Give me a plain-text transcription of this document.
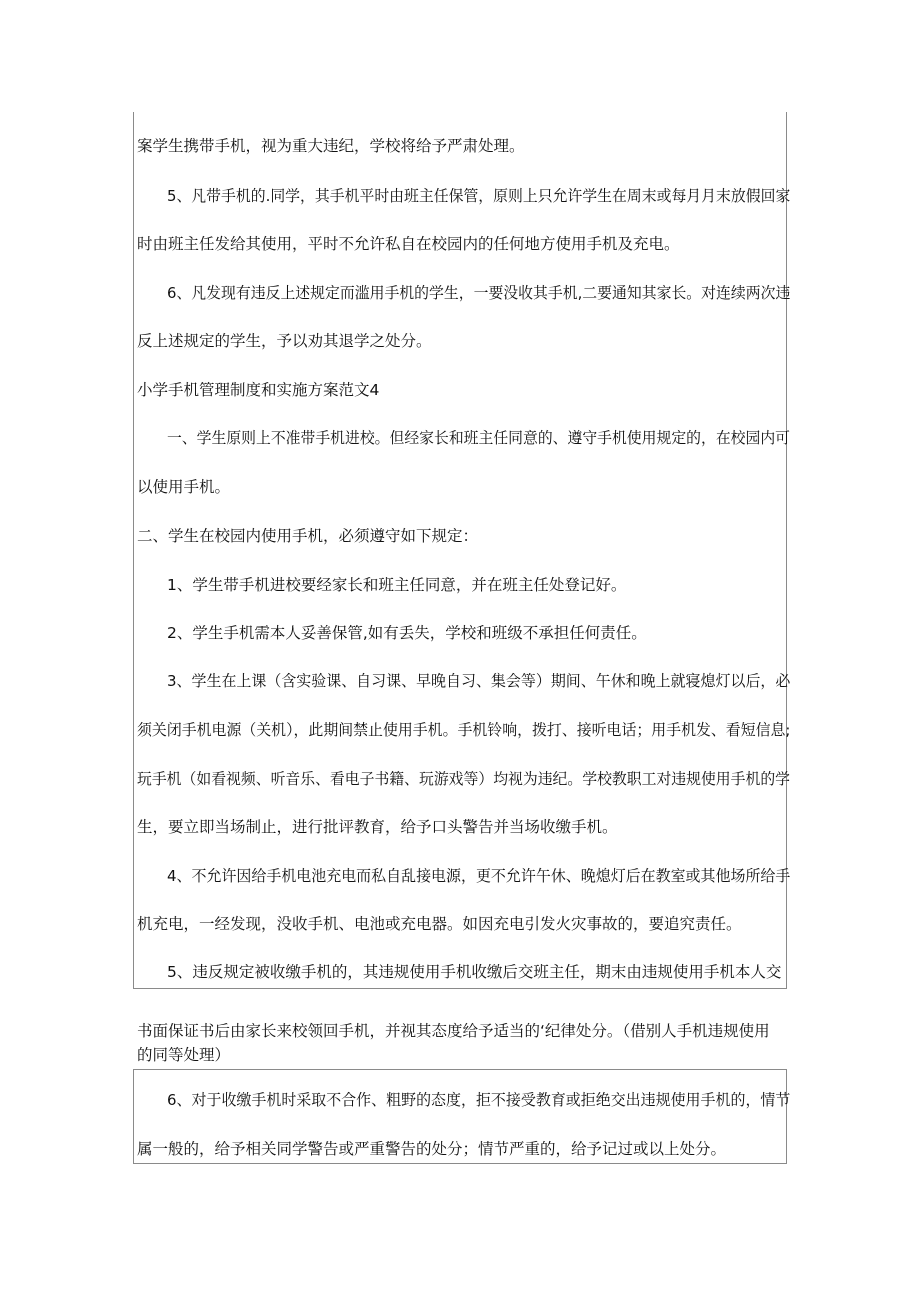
案学生携带手机，视为重大违纪，学校将给予严肃处理。
5、凡带手机的.同学，其手机平时由班主任保管，原则上只允许学生在周末或每月月末放假回家
时由班主任发给其使用，平时不允许私自在校园内的任何地方使用手机及充电。
6、凡发现有违反上述规定而滥用手机的学生，一要没收其手机,二要通知其家长。对连续两次违
反上述规定的学生，予以劝其退学之处分。
小学手机管理制度和实施方案范文4
一、学生原则上不准带手机进校。但经家长和班主任同意的、遵守手机使用规定的，在校园内可
以使用手机。
二、学生在校园内使用手机，必须遵守如下规定：
1、学生带手机进校要经家长和班主任同意，并在班主任处登记好。
2、学生手机需本人妥善保管,如有丢失，学校和班级不承担任何责任。
3、学生在上课（含实验课、自习课、早晚自习、集会等）期间、午休和晚上就寝熄灯以后，必
须关闭手机电源（关机），此期间禁止使用手机。手机铃响，拨打、接听电话；用手机发、看短信息;
玩手机（如看视频、听音乐、看电子书籍、玩游戏等）均视为违纪。学校教职工对违规使用手机的学
生，要立即当场制止，进行批评教育，给予口头警告并当场收缴手机。
4、不允许因给手机电池充电而私自乱接电源，更不允许午休、晚熄灯后在教室或其他场所给手
机充电，一经发现，没收手机、电池或充电器。如因充电引发火灾事故的，要追究责任。
5、违反规定被收缴手机的，其违规使用手机收缴后交班主任，期末由违规使用手机本人交
书面保证书后由家长来校领回手机，并视其态度给予适当的‘纪律处分。（借别人手机违规使用
的同等处理）
6、对于收缴手机时采取不合作、粗野的态度，拒不接受教育或拒绝交出违规使用手机的，情节
属一般的，给予相关同学警告或严重警告的处分；情节严重的，给予记过或以上处分。
